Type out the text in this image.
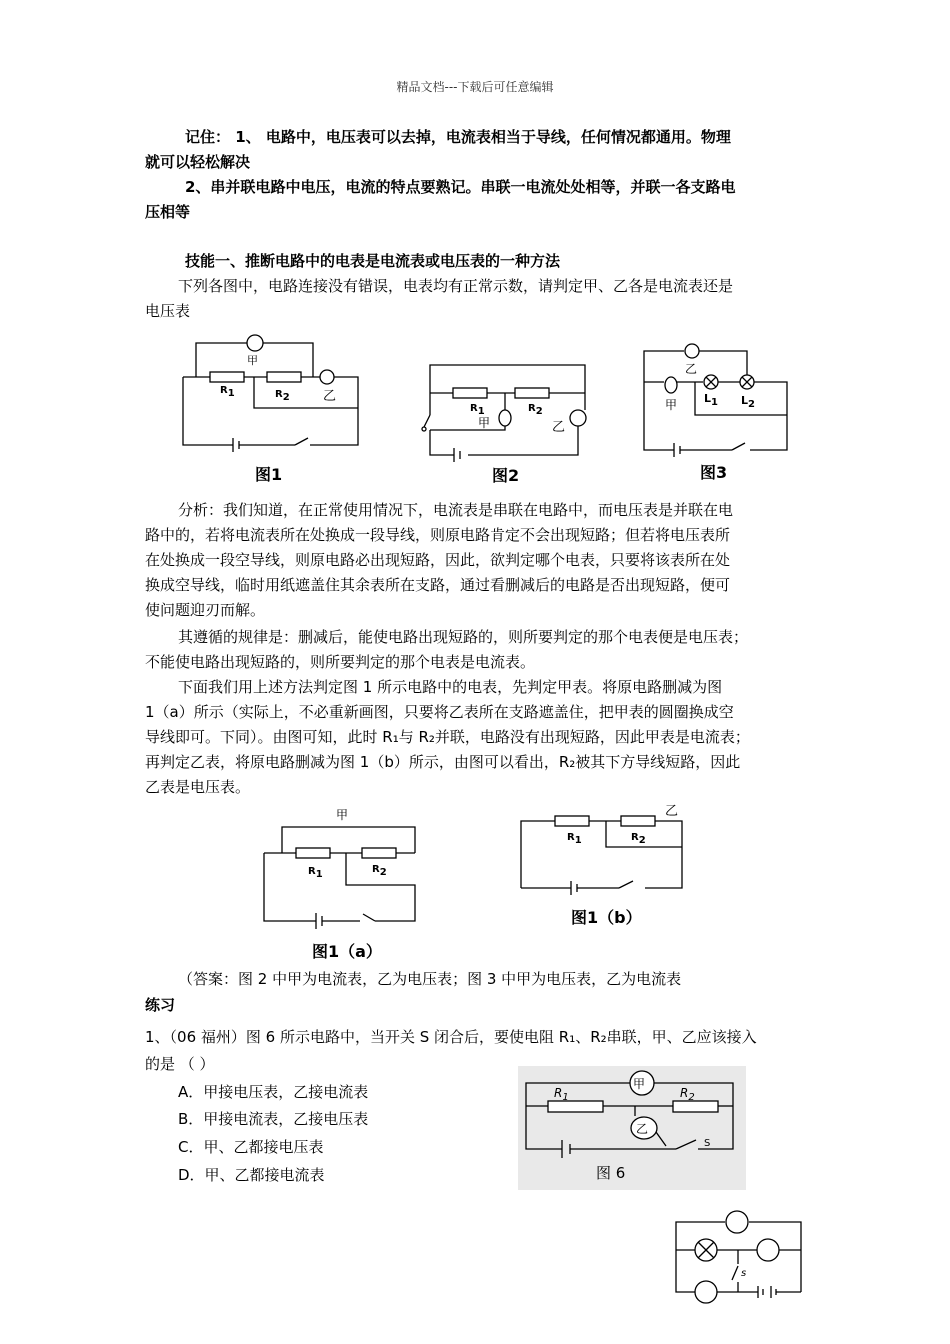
精品文档---下载后可任意编辑
记住： 1、 电路中，电压表可以去掉，电流表相当于导线，任何情况都通用。物理
就可以轻松解决
2、串并联电路中电压，电流的特点要熟记。串联一电流处处相等，并联一各支路电
压相等
技能一、推断电路中的电表是电流表或电压表的一种方法
下列各图中，电路连接没有错误，电表均有正常示数，请判定甲、乙各是电流表还是
电压表
甲
R1	R2	乙
图1
R1	R2
甲	乙
图2
乙
甲 L1 L2
图3
分析：我们知道，在正常使用情况下，电流表是串联在电路中，而电压表是并联在电
路中的，若将电流表所在处换成一段导线，则原电路肯定不会出现短路；但若将电压表所
在处换成一段空导线，则原电路必出现短路，因此，欲判定哪个电表，只要将该表所在处
换成空导线，临时用纸遮盖住其余表所在支路，通过看删减后的电路是否出现短路，便可
使问题迎刃而解。
其遵循的规律是：删减后，能使电路出现短路的，则所要判定的那个电表便是电压表；
不能使电路出现短路的，则所要判定的那个电表是电流表。
下面我们用上述方法判定图 1 所示电路中的电表，先判定甲表。将原电路删减为图
1（a）所示（实际上，不必重新画图，只要将乙表所在支路遮盖住，把甲表的圆圈换成空
导线即可。下同）。由图可知，此时 R₁与 R₂并联，电路没有出现短路，因此甲表是电流表；
再判定乙表，将原电路删减为图 1（b）所示，由图可以看出，R₂被其下方导线短路，因此
乙表是电压表。
甲
R1	R2
图1（a）
乙
R1	R2
图1（b）
（答案：图 2 中甲为电流表，乙为电压表；图 3 中甲为电压表，乙为电流表
练习
1、（06 福州）图 6 所示电路中，当开关 S 闭合后，要使电阻 R₁、R₂串联，甲、乙应该接入
的是 （ ）
A．甲接电压表，乙接电流表
B．甲接电流表，乙接电压表
C．甲、乙都接电压表
D．甲、乙都接电流表
甲
$R_1$	$R_2$
乙
S
图 6
s
